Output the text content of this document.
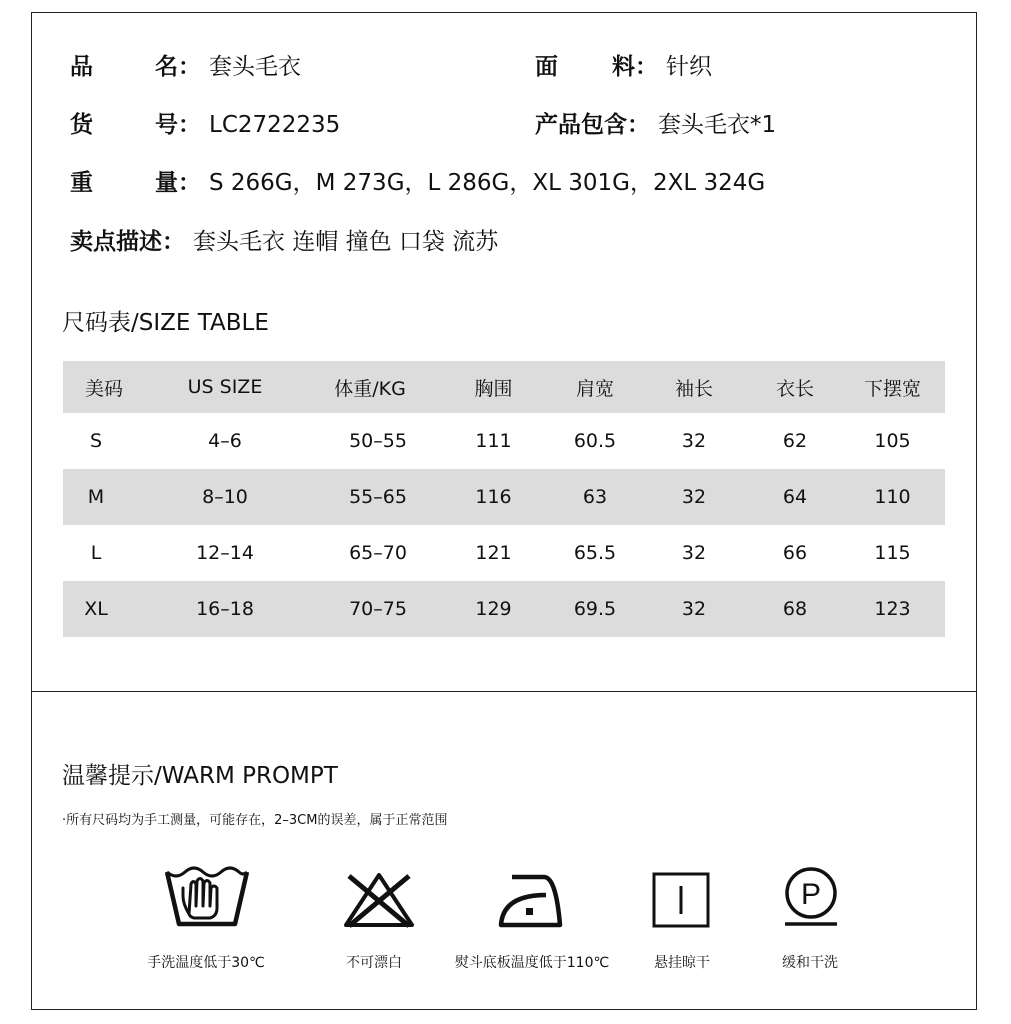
品	名 ： 套头毛衣	面 料 ： 针织
货	号 ： LC2722235	产品包含： 套头毛衣*1
重	量 ： S 266G，M 273G，L 286G，XL 301G，2XL 324G
卖点描述： 套头毛衣 连帽 撞色 口袋 流苏
尺码表/SIZE TABLE
美码	US SIZE	体重/KG	胸围	肩宽	袖长	衣长	下摆宽
S	4–6	50–55	111	60.5	32	62	105
M	8–10	55–65	116	63	32	64	110
L	12–14	65–70	121	65.5	32	66	115
XL	16–18	70–75	129	69.5	32	68	123
温馨提示/WARM PROMPT
·所有尺码均为手工测量，可能存在，2–3CM的误差，属于正常范围
P
手洗温度低于30℃	不可漂白	熨斗底板温度低于110℃	悬挂晾干	缓和干洗
